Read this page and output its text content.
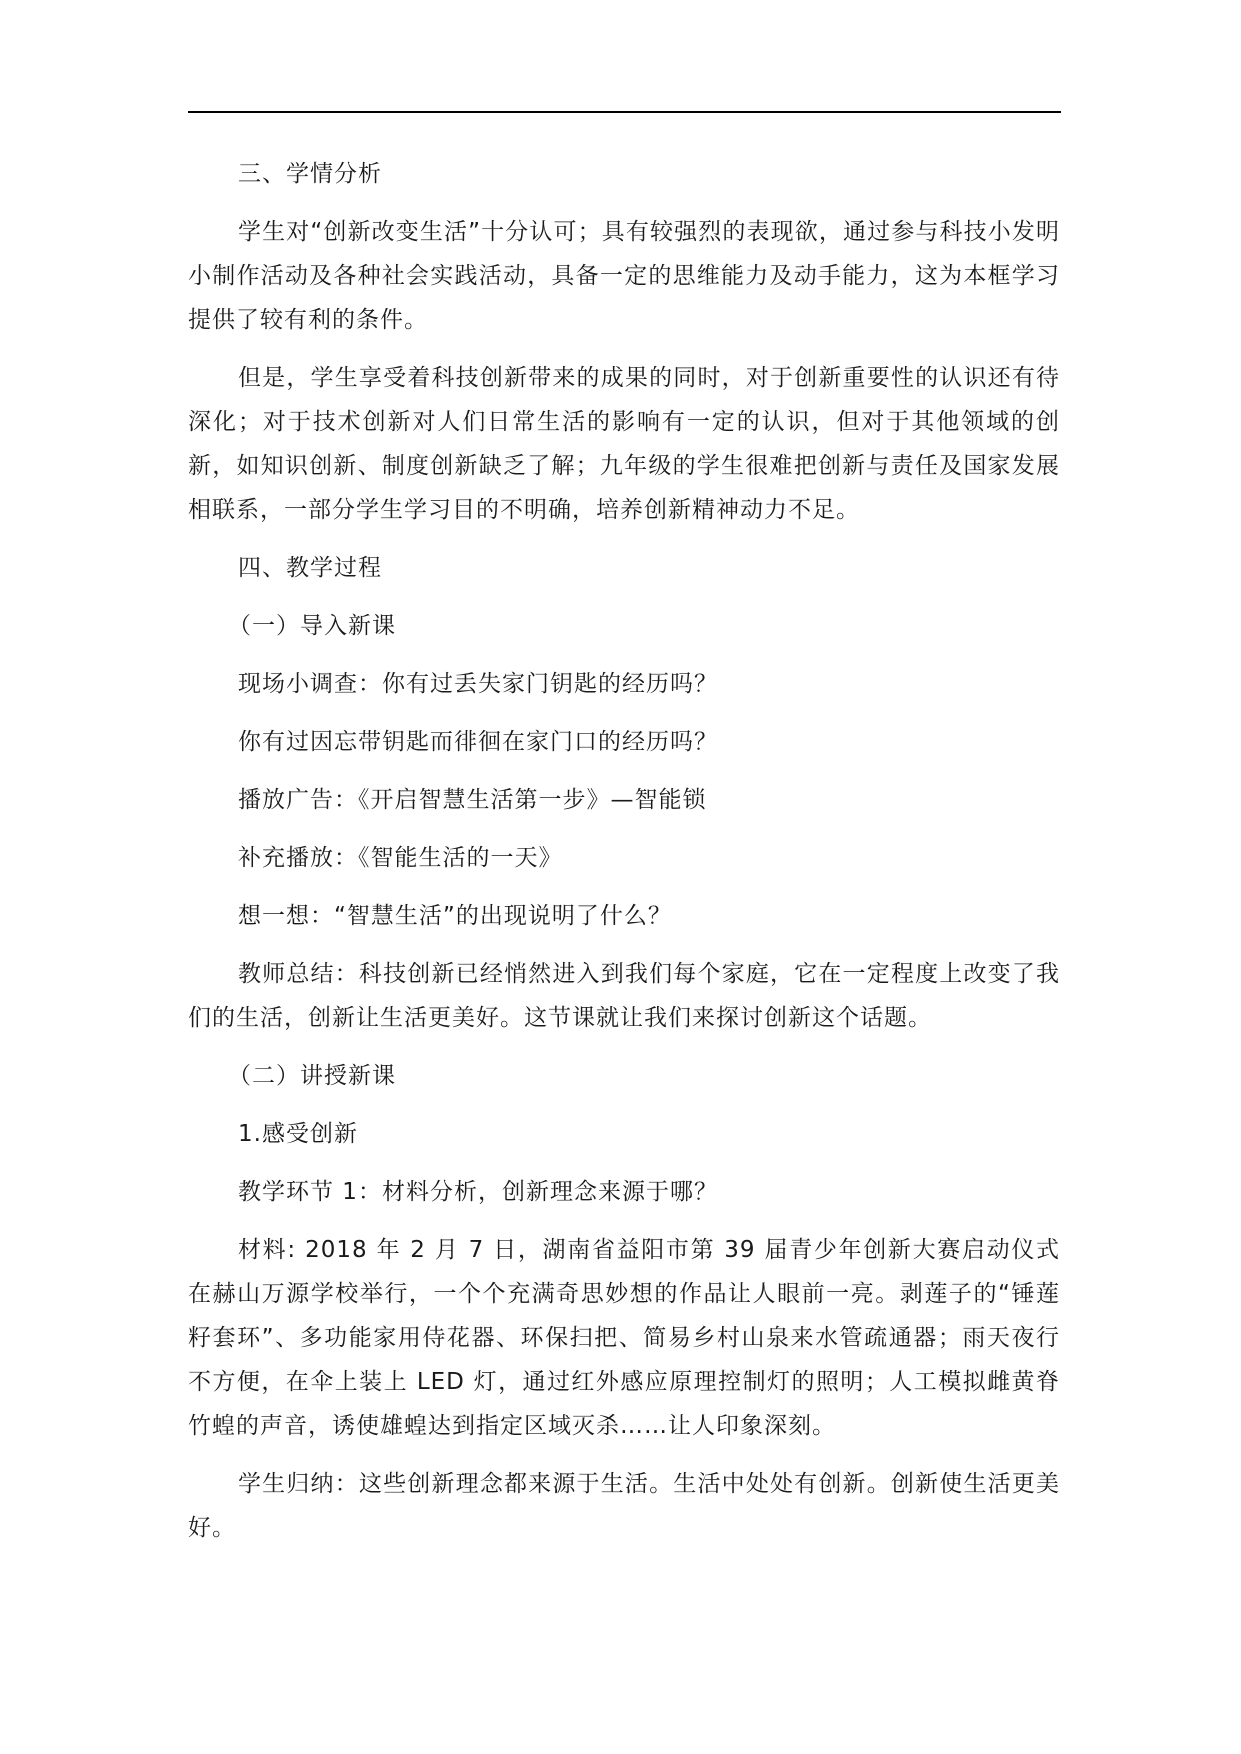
三、学情分析

学生对“创新改变生活”十分认可；具有较强烈的表现欲，通过参与科技小发明小制作活动及各种社会实践活动，具备一定的思维能力及动手能力，这为本框学习提供了较有利的条件。

但是，学生享受着科技创新带来的成果的同时，对于创新重要性的认识还有待深化；对于技术创新对人们日常生活的影响有一定的认识，但对于其他领域的创新，如知识创新、制度创新缺乏了解；九年级的学生很难把创新与责任及国家发展相联系，一部分学生学习目的不明确，培养创新精神动力不足。

四、教学过程

（一）导入新课

现场小调查：你有过丢失家门钥匙的经历吗？

你有过因忘带钥匙而徘徊在家门口的经历吗？

播放广告：《开启智慧生活第一步》—智能锁

补充播放：《智能生活的一天》

想一想：“智慧生活”的出现说明了什么？

教师总结：科技创新已经悄然进入到我们每个家庭，它在一定程度上改变了我们的生活，创新让生活更美好。这节课就让我们来探讨创新这个话题。

（二）讲授新课

1.感受创新

教学环节 1：材料分析，创新理念来源于哪？

材料: 2018 年 2 月 7 日，湖南省益阳市第 39 届青少年创新大赛启动仪式在赫山万源学校举行，一个个充满奇思妙想的作品让人眼前一亮。剥莲子的“锤莲籽套环”、多功能家用侍花器、环保扫把、简易乡村山泉来水管疏通器；雨天夜行不方便，在伞上装上 LED 灯，通过红外感应原理控制灯的照明；人工模拟雌黄脊竹蝗的声音，诱使雄蝗达到指定区域灭杀……让人印象深刻。

学生归纳：这些创新理念都来源于生活。生活中处处有创新。创新使生活更美好。
